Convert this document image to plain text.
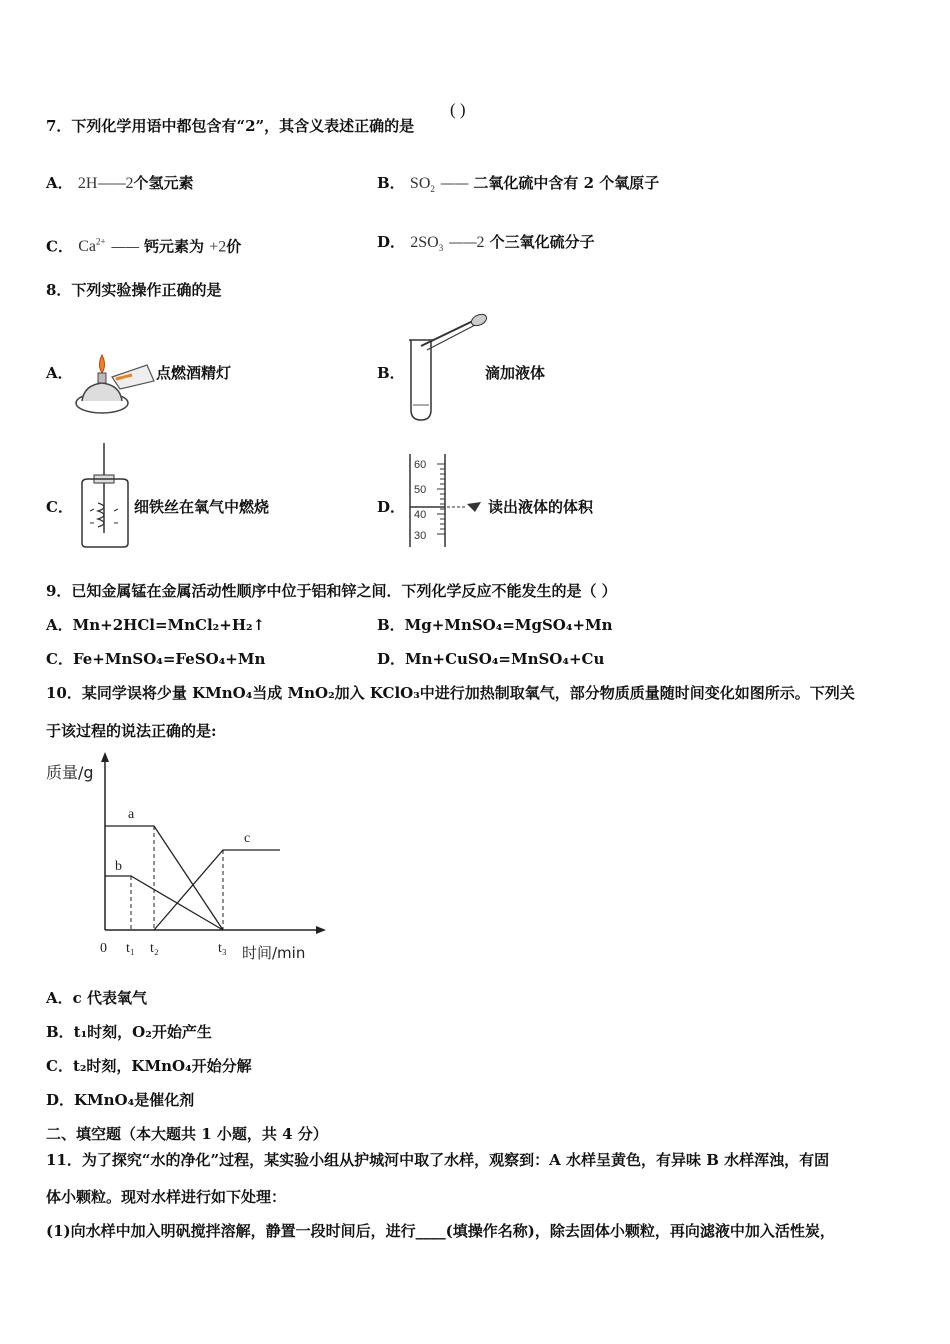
7．下列化学用语中都包含有“2”，其含义表述正确的是
( )
A． 2H——2个氢元素	B． $SO_2$ —— 二氧化硫中含有 2 个氧原子
C． $Ca^{2+}$ —— 钙元素为 +2价	D． $2SO_3$ ——2 个三氧化硫分子
8．下列实验操作正确的是
A．	点燃酒精灯	B．	滴加液体
C．	细铁丝在氧气中燃烧	D．
60
50
40
30
读出液体的体积
9．已知金属锰在金属活动性顺序中位于铝和锌之间．下列化学反应不能发生的是（ ）
A．Mn+2HCl=MnCl₂+H₂↑	B．Mg+MnSO₄=MgSO₄+Mn
C．Fe+MnSO₄=FeSO₄+Mn	D．Mn+CuSO₄=MnSO₄+Cu
10．某同学误将少量 KMnO₄当成 MnO₂加入 KClO₃中进行加热制取氧气，部分物质质量随时间变化如图所示。下列关
于该过程的说法正确的是:
质量/g
时间/min
0 t₁ t₂	t₃
a
b
c
A．c 代表氧气
B．t₁时刻，O₂开始产生
C．t₂时刻，KMnO₄开始分解
D．KMnO₄是催化剂
二、填空题（本大题共 1 小题，共 4 分）
11．为了探究“水的净化”过程，某实验小组从护城河中取了水样，观察到：A 水样呈黄色，有异味 B 水样浑浊，有固
体小颗粒。现对水样进行如下处理：
(1)向水样中加入明矾搅拌溶解，静置一段时间后，进行____(填操作名称)，除去固体小颗粒，再向滤液中加入活性炭，
